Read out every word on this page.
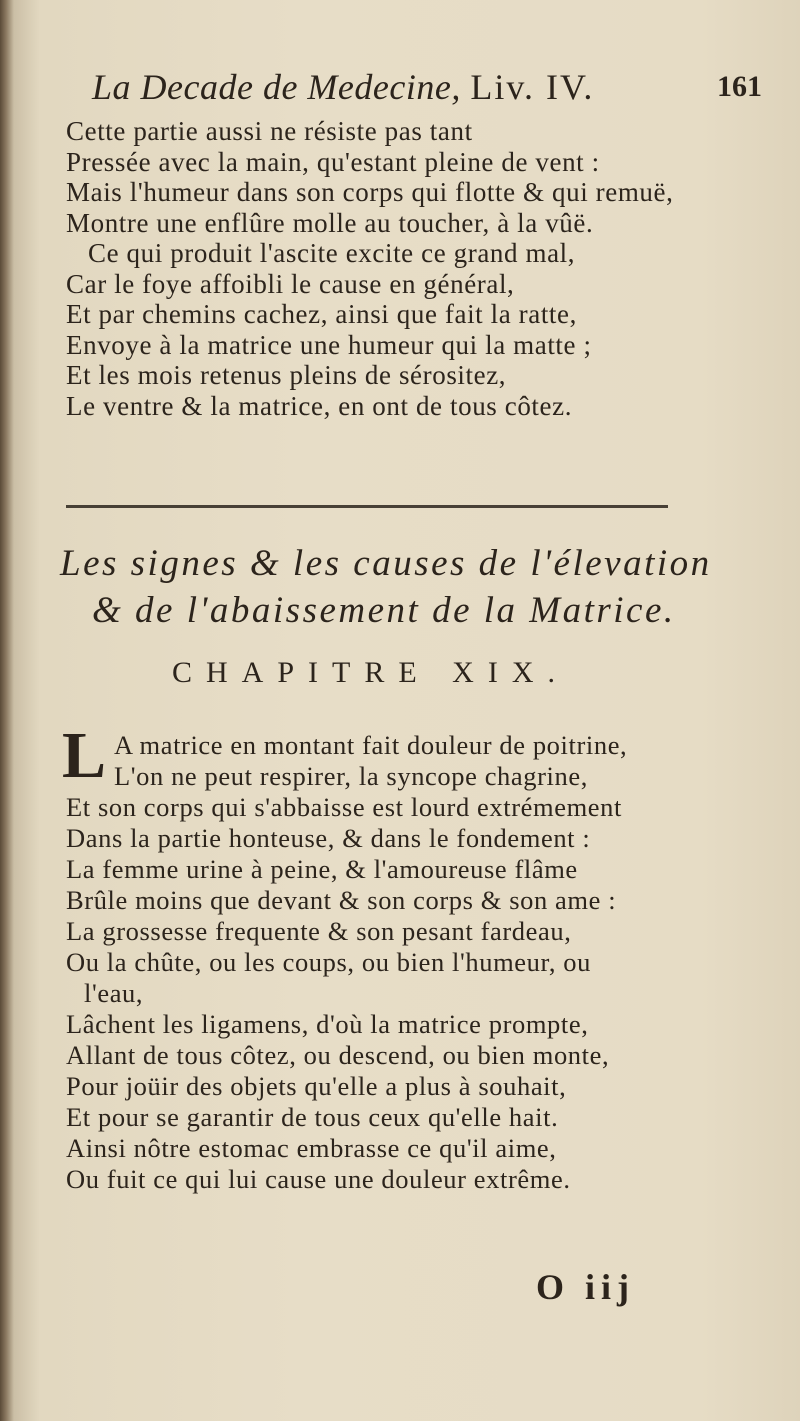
La Decade de Medecine, Liv. IV.	161
Cette partie aussi ne résiste pas tant
Pressée avec la main, qu'estant pleine de vent :
Mais l'humeur dans son corps qui flotte & qui remuë,
Montre une enflûre molle au toucher, à la vûë.
Ce qui produit l'ascite excite ce grand mal,
Car le foye affoibli le cause en général,
Et par chemins cachez, ainsi que fait la ratte,
Envoye à la matrice une humeur qui la matte ;
Et les mois retenus pleins de sérositez,
Le ventre & la matrice, en ont de tous côtez.
Les signes & les causes de l'élevation
& de l'abaissement de la Matrice.
CHAPITRE XIX.
L A matrice en montant fait douleur de poitrine,
L'on ne peut respirer, la syncope chagrine,
Et son corps qui s'abbaisse est lourd extrémement
Dans la partie honteuse, & dans le fondement :
La femme urine à peine, & l'amoureuse flâme
Brûle moins que devant & son corps & son ame :
La grossesse frequente & son pesant fardeau,
Ou la chûte, ou les coups, ou bien l'humeur, ou
l'eau,
Lâchent les ligamens, d'où la matrice prompte,
Allant de tous côtez, ou descend, ou bien monte,
Pour joüir des objets qu'elle a plus à souhait,
Et pour se garantir de tous ceux qu'elle hait.
Ainsi nôtre estomac embrasse ce qu'il aime,
Ou fuit ce qui lui cause une douleur extrême.
O iij
